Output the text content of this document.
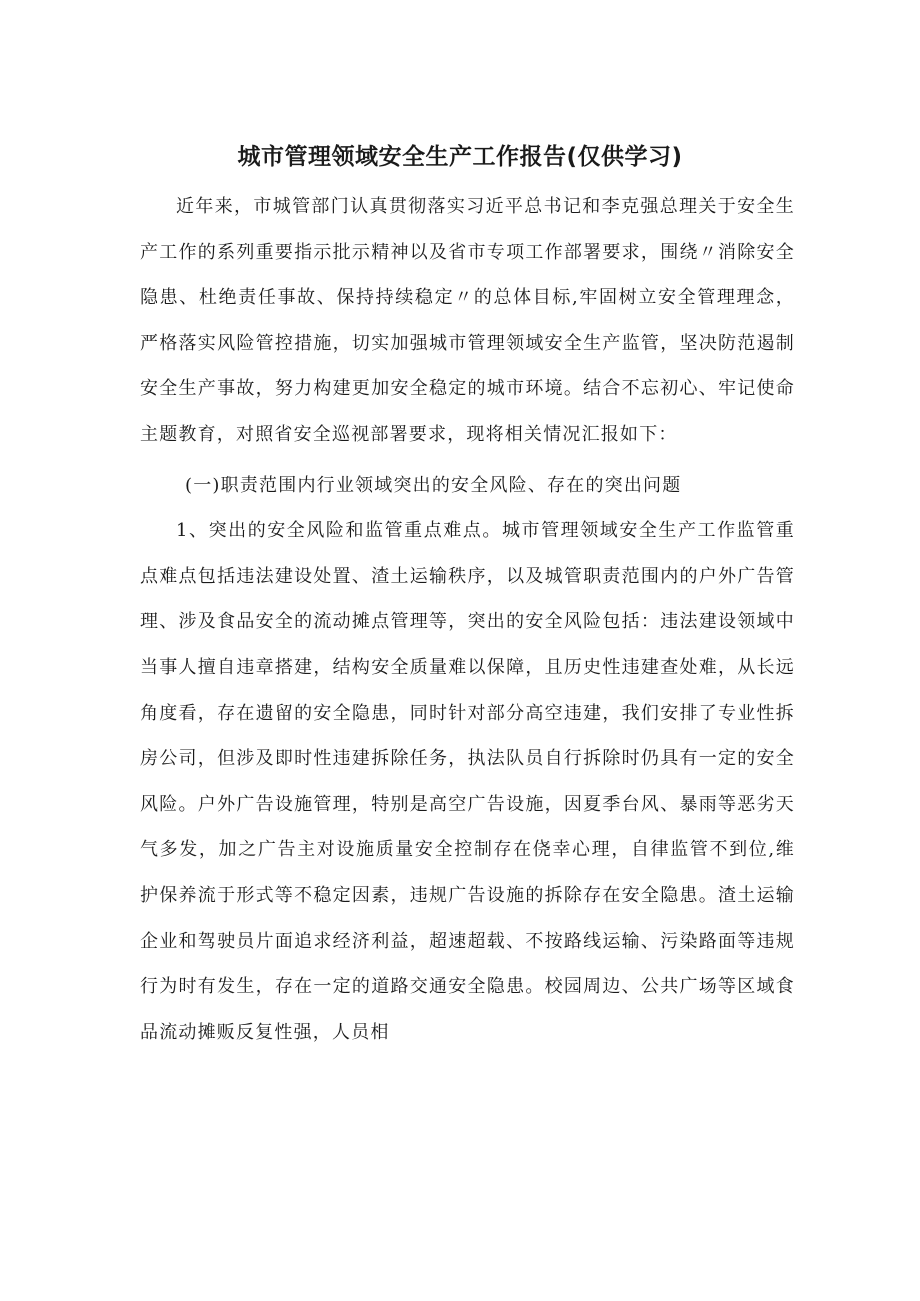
城市管理领域安全生产工作报告(仅供学习)

近年来，市城管部门认真贯彻落实习近平总书记和李克强总理关于安全生产工作的系列重要指示批示精神以及省市专项工作部署要求，围绕〃消除安全隐患、杜绝责任事故、保持持续稳定〃的总体目标,牢固树立安全管理理念，严格落实风险管控措施，切实加强城市管理领域安全生产监管，坚决防范遏制安全生产事故，努力构建更加安全稳定的城市环境。结合不忘初心、牢记使命主题教育，对照省安全巡视部署要求，现将相关情况汇报如下：

(一)职责范围内行业领域突出的安全风险、存在的突出问题

1、突出的安全风险和监管重点难点。城市管理领域安全生产工作监管重点难点包括违法建设处置、渣土运输秩序，以及城管职责范围内的户外广告管理、涉及食品安全的流动摊点管理等，突出的安全风险包括：违法建设领域中当事人擅自违章搭建，结构安全质量难以保障，且历史性违建查处难，从长远角度看，存在遗留的安全隐患，同时针对部分高空违建，我们安排了专业性拆房公司，但涉及即时性违建拆除任务，执法队员自行拆除时仍具有一定的安全风险。户外广告设施管理，特别是高空广告设施，因夏季台风、暴雨等恶劣天气多发，加之广告主对设施质量安全控制存在侥幸心理，自律监管不到位,维护保养流于形式等不稳定因素，违规广告设施的拆除存在安全隐患。渣土运输企业和驾驶员片面追求经济利益，超速超载、不按路线运输、污染路面等违规行为时有发生，存在一定的道路交通安全隐患。校园周边、公共广场等区域食品流动摊贩反复性强，人员相
